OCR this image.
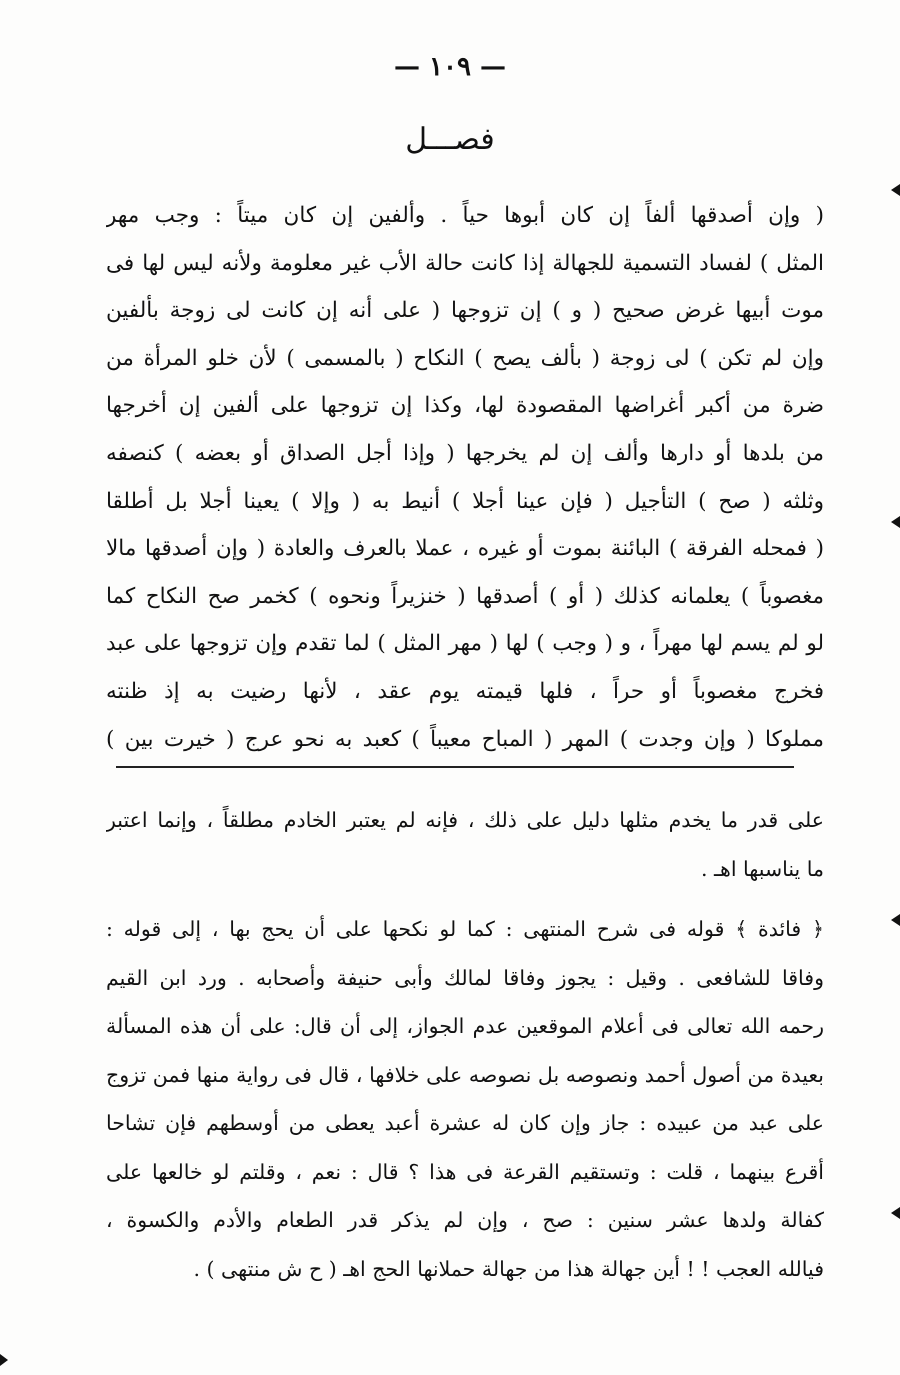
— ١٠٩ —
فصـــل
( وإن أصدقها ألفاً إن كان أبوها حياً . وألفين إن كان ميتاً : وجب مهر
المثل ) لفساد التسمية للجهالة إذا كانت حالة الأب غير معلومة ولأنه ليس لها فى
موت أبيها غرض صحيح ( و ) إن تزوجها ( على أنه إن كانت لى زوجة بألفين
وإن لم تكن ) لى زوجة ( بألف يصح ) النكاح ( بالمسمى ) لأن خلو المرأة من
ضرة من أكبر أغراضها المقصودة لها، وكذا إن تزوجها على ألفين إن أخرجها
من بلدها أو دارها وألف إن لم يخرجها ( وإذا أجل الصداق أو بعضه ) كنصفه
وثلثه ( صح ) التأجيل ( فإن عينا أجلا ) أنيط به ( وإلا ) يعينا أجلا بل أطلقا
( فمحله الفرقة ) البائنة بموت أو غيره ، عملا بالعرف والعادة ( وإن أصدقها مالا
مغصوباً ) يعلمانه كذلك ( أو ) أصدقها ( خنزيراً ونحوه ) كخمر صح النكاح كما
لو لم يسم لها مهراً ، و ( وجب ) لها ( مهر المثل ) لما تقدم وإن تزوجها على عبد
فخرج مغصوباً أو حراً ، فلها قيمته يوم عقد ، لأنها رضيت به إذ ظنته
مملوكا ( وإن وجدت ) المهر ( المباح معيباً ) كعبد به نحو عرج ( خيرت بين )
على قدر ما يخدم مثلها دليل على ذلك ، فإنه لم يعتبر الخادم مطلقاً ، وإنما اعتبر
ما يناسبها اهـ .
﴿ فائدة ﴾ قوله فى شرح المنتهى : كما لو نكحها على أن يحج بها ، إلى قوله :
وفاقا للشافعى . وقيل : يجوز وفاقا لمالك وأبى حنيفة وأصحابه . ورد ابن القيم
رحمه الله تعالى فى أعلام الموقعين عدم الجواز، إلى أن قال: على أن هذه المسألة
بعيدة من أصول أحمد ونصوصه بل نصوصه على خلافها ، قال فى رواية منها فمن تزوج
على عبد من عبيده : جاز وإن كان له عشرة أعبد يعطى من أوسطهم فإن تشاحا
أقرع بينهما ، قلت : وتستقيم القرعة فى هذا ؟ قال : نعم ، وقلتم لو خالعها على
كفالة ولدها عشر سنين : صح ، وإن لم يذكر قدر الطعام والأدم والكسوة ،
فيالله العجب ! ! أين جهالة هذا من جهالة حملانها الحج اهـ ( ح ش منتهى ) .
